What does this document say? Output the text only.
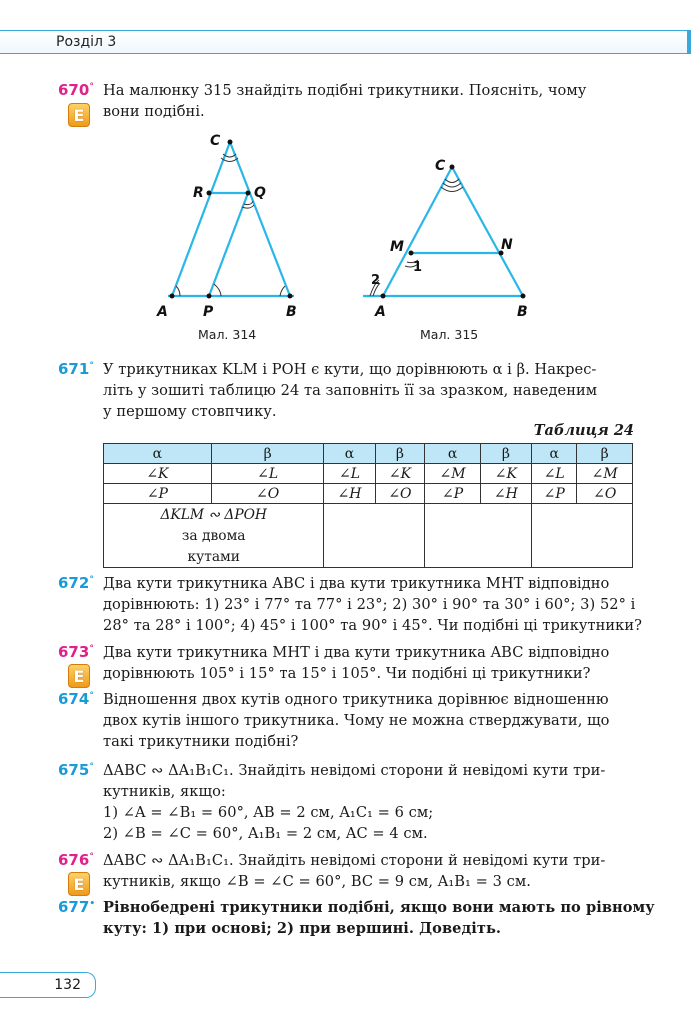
Розділ 3
670°
E
На малюнку 315 знайдіть подібні трикутники. Поясніть, чому
вони подібні.
C
R	Q
A	P	B
Мал. 314
C
M	N
A	B
1
2
Мал. 315
671° У трикутниках KLM і POH є кути, що дорівнюють α і β. Накрес-
літь у зошиті таблицю 24 та заповніть її за зразком, наведеним
у першому стовпчику.
Таблиця 24
α	β	α	β	α	β	α	β
∠K	∠L	∠L	∠K	∠M	∠K	∠L	∠M
∠P	∠O	∠H	∠O	∠P	∠H	∠P	∠O

ΔKLM ∾ ΔPOH
за двома
кутами							

672° Два кути трикутника ABC і два кути трикутника MHT відповідно
дорівнюють: 1) 23° і 77° та 77° і 23°; 2) 30° і 90° та 30° і 60°; 3) 52° і
28° та 28° і 100°; 4) 45° і 100° та 90° і 45°. Чи подібні ці трикутники?
673°
E
Два кути трикутника MHT і два кути трикутника ABC відповідно
дорівнюють 105° і 15° та 15° і 105°. Чи подібні ці трикутники?
674° Відношення двох кутів одного трикутника дорівнює відношенню
двох кутів іншого трикутника. Чому не можна стверджувати, що
такі трикутники подібні?
675° ΔABC ∾ ΔA₁B₁C₁. Знайдіть невідомі сторони й невідомі кути три-
кутників, якщо:
1) ∠A = ∠B₁ = 60°, AB = 2 см, A₁C₁ = 6 см;
2) ∠B = ∠C = 60°, A₁B₁ = 2 см, AC = 4 см.
676°
E
ΔABC ∾ ΔA₁B₁C₁. Знайдіть невідомі сторони й невідомі кути три-
кутників, якщо ∠B = ∠C = 60°, BC = 9 см, A₁B₁ = 3 см.
677• Рівнобедрені трикутники подібні, якщо вони мають по рівному
куту: 1) при основі; 2) при вершині. Доведіть.
132
